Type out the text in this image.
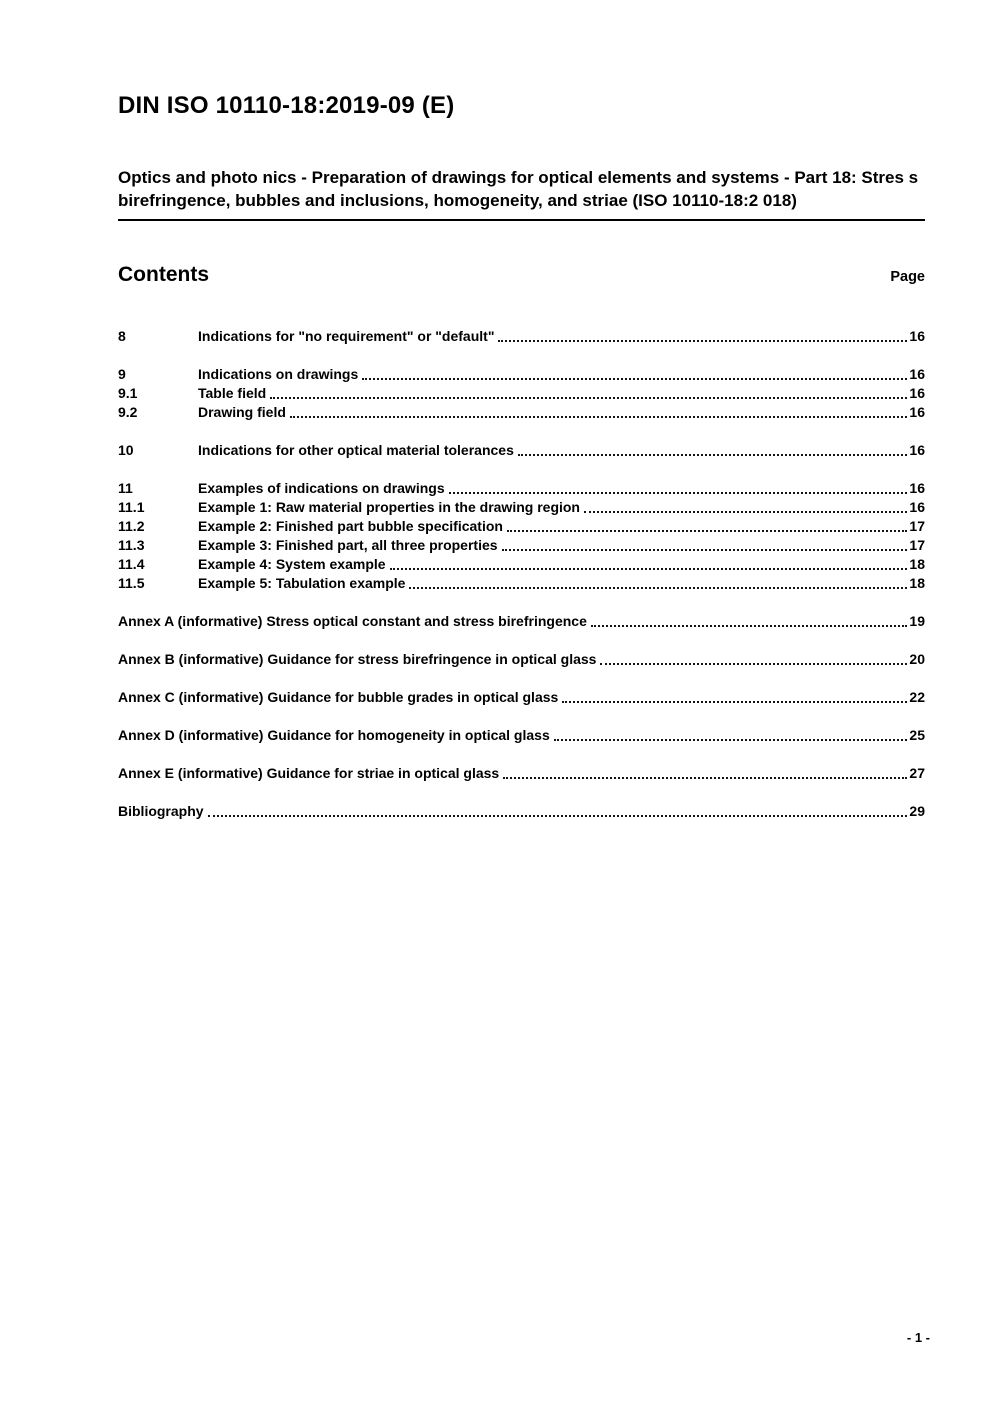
DIN ISO 10110-18:2019-09 (E)
Optics and photo nics - Preparation of drawings for optical elements and systems - Part 18: Stres s birefringence, bubbles and inclusions, homogeneity, and striae (ISO 10110-18:2 018)
Contents	Page
8	Indications for "no requirement" or "default"	16
9	Indications on drawings	16
9.1	Table field	16
9.2	Drawing field	16
10	Indications for other optical material tolerances	16
11	Examples of indications on drawings	16
11.1	Example 1: Raw material properties in the drawing region	16
11.2	Example 2: Finished part bubble specification	17
11.3	Example 3: Finished part, all three properties	17
11.4	Example 4: System example	18
11.5	Example 5: Tabulation example	18
Annex A (informative) Stress optical constant and stress birefringence	19
Annex B (informative) Guidance for stress birefringence in optical glass	20
Annex C (informative) Guidance for bubble grades in optical glass	22
Annex D (informative) Guidance for homogeneity in optical glass	25
Annex E (informative) Guidance for striae in optical glass	27
Bibliography	29
- 1 -
